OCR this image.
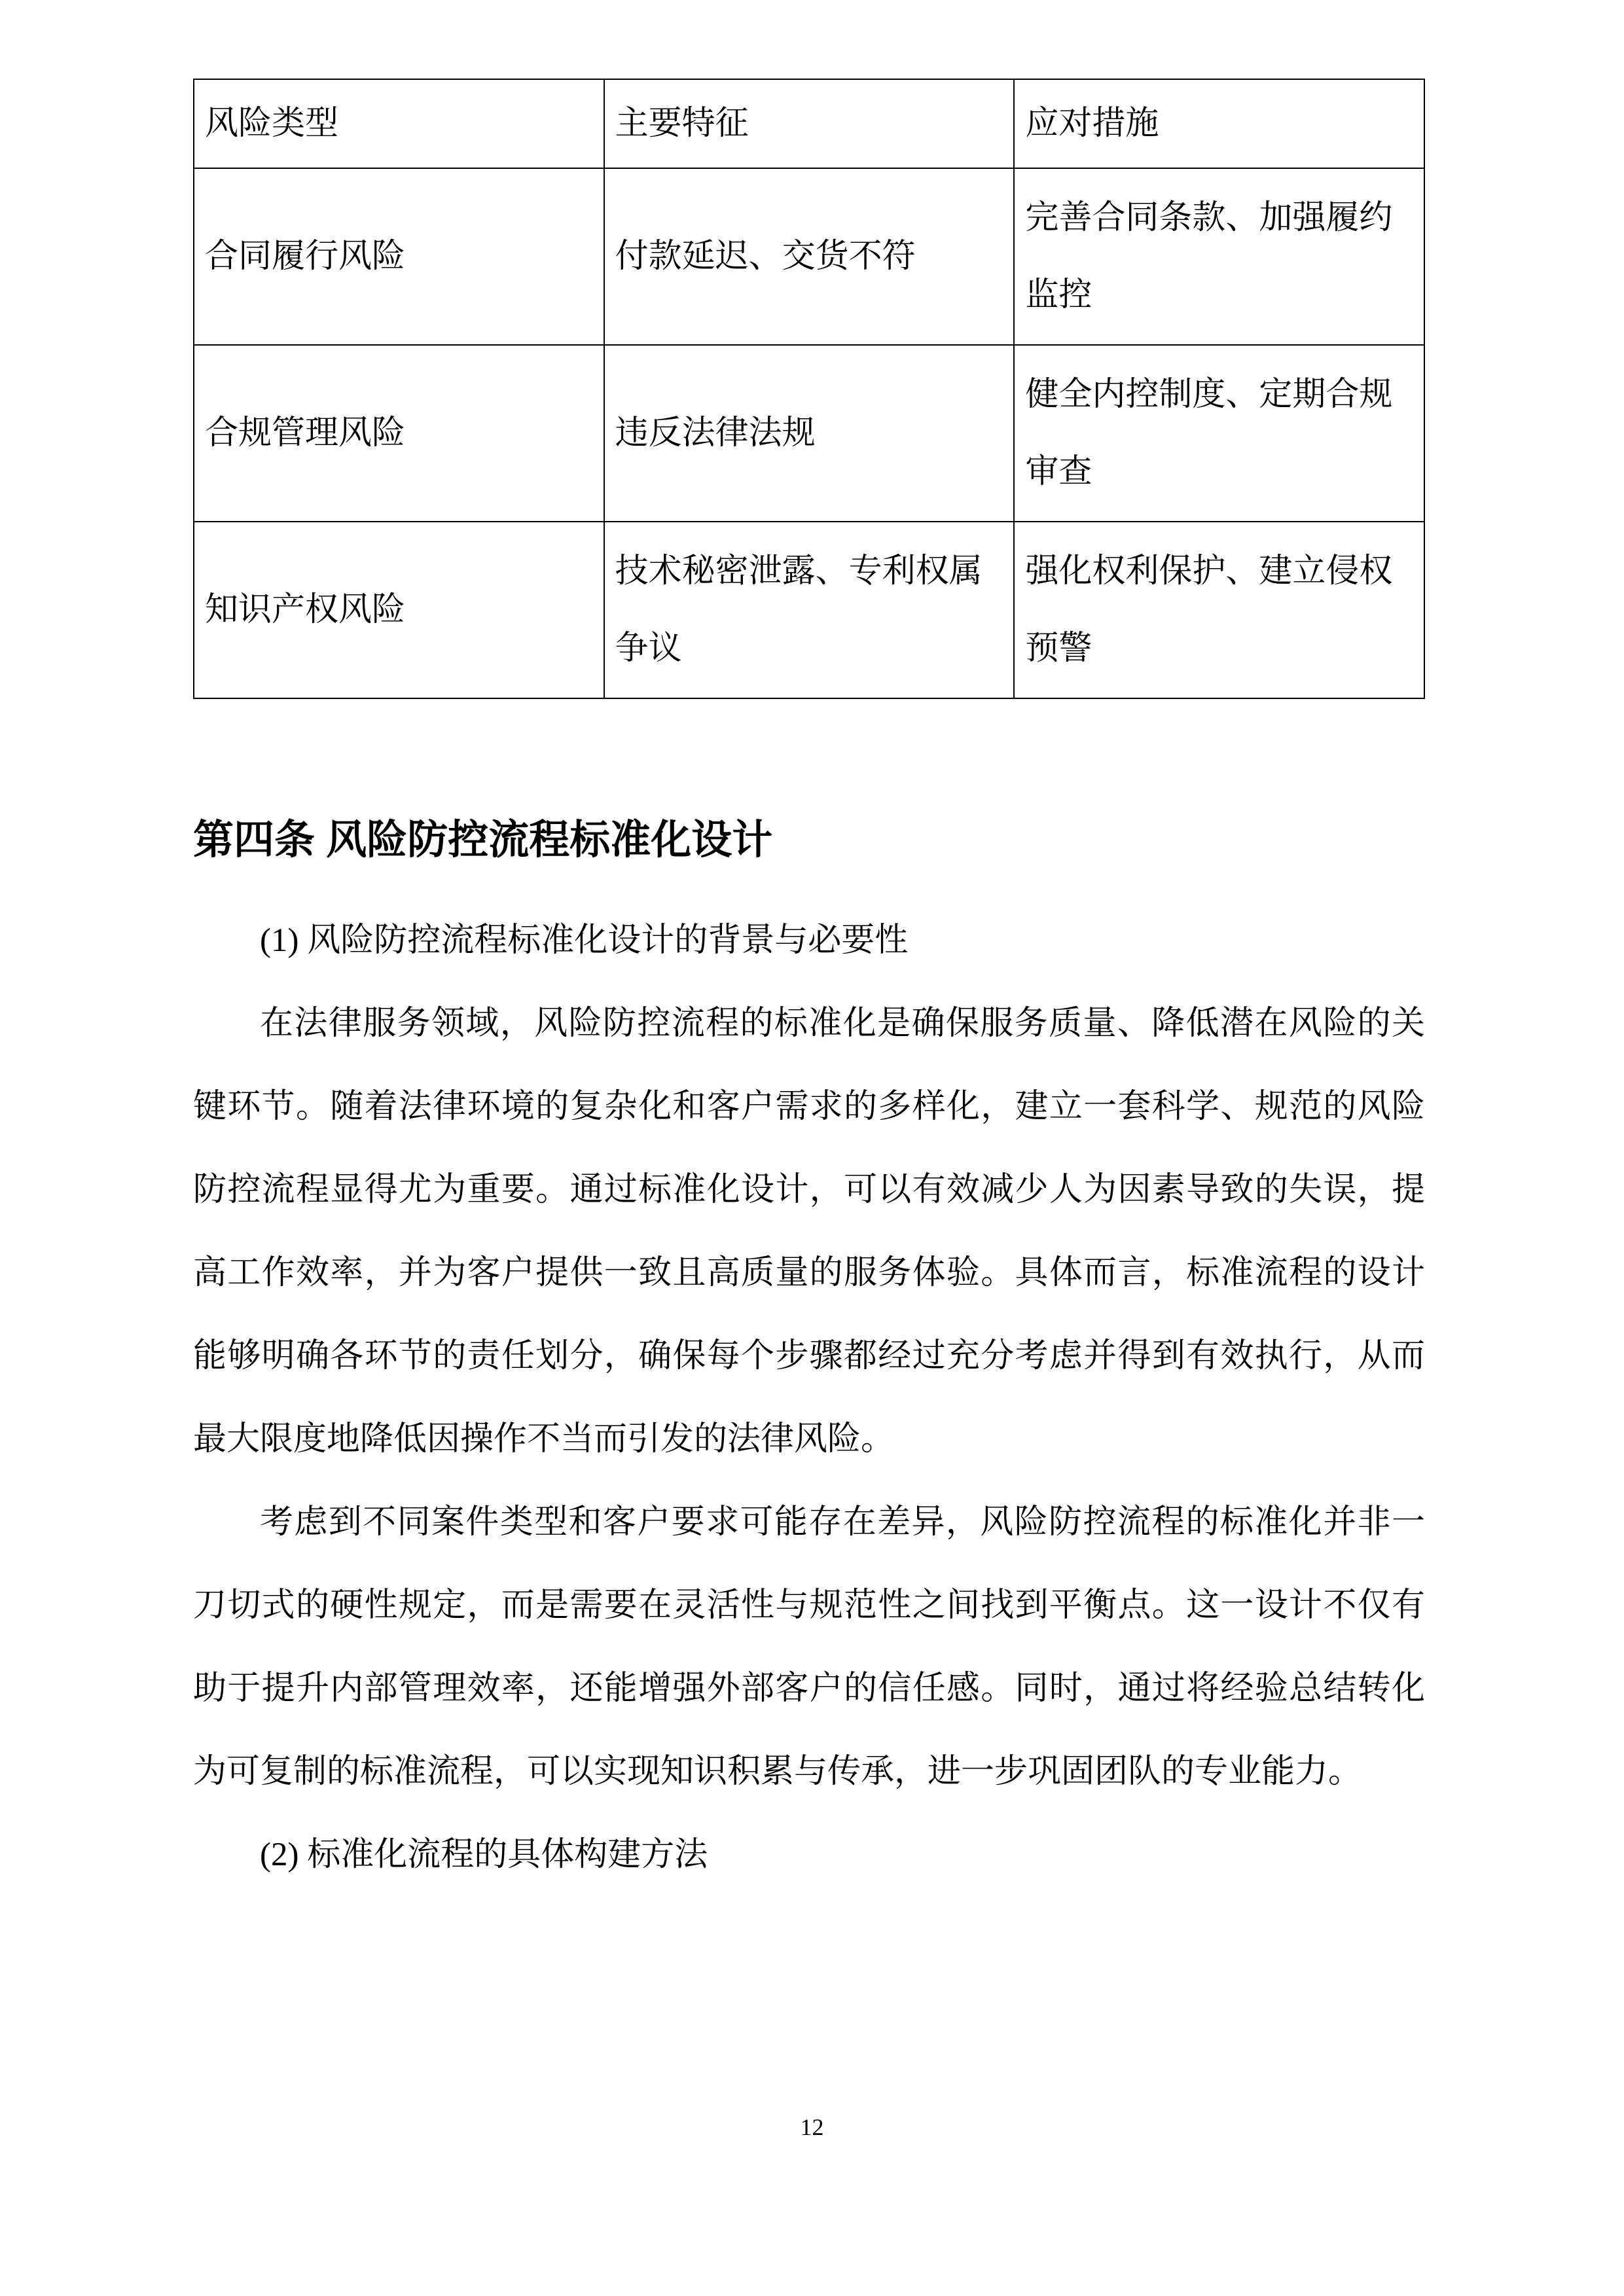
风险类型	主要特征	应对措施
合同履行风险	付款延迟、交货不符	完善合同条款、加强履约监控
合规管理风险	违反法律法规	健全内控制度、定期合规审查
知识产权风险	技术秘密泄露、专利权属争议	强化权利保护、建立侵权预警
第四条 风险防控流程标准化设计

(1) 风险防控流程标准化设计的背景与必要性

在法律服务领域，风险防控流程的标准化是确保服务质量、降低潜在风险的关键环节。随着法律环境的复杂化和客户需求的多样化，建立一套科学、规范的风险防控流程显得尤为重要。通过标准化设计，可以有效减少人为因素导致的失误，提高工作效率，并为客户提供一致且高质量的服务体验。具体而言，标准流程的设计能够明确各环节的责任划分，确保每个步骤都经过充分考虑并得到有效执行，从而最大限度地降低因操作不当而引发的法律风险。

考虑到不同案件类型和客户要求可能存在差异，风险防控流程的标准化并非一刀切式的硬性规定，而是需要在灵活性与规范性之间找到平衡点。这一设计不仅有助于提升内部管理效率，还能增强外部客户的信任感。同时，通过将经验总结转化为可复制的标准流程，可以实现知识积累与传承，进一步巩固团队的专业能力。

(2) 标准化流程的具体构建方法

12
